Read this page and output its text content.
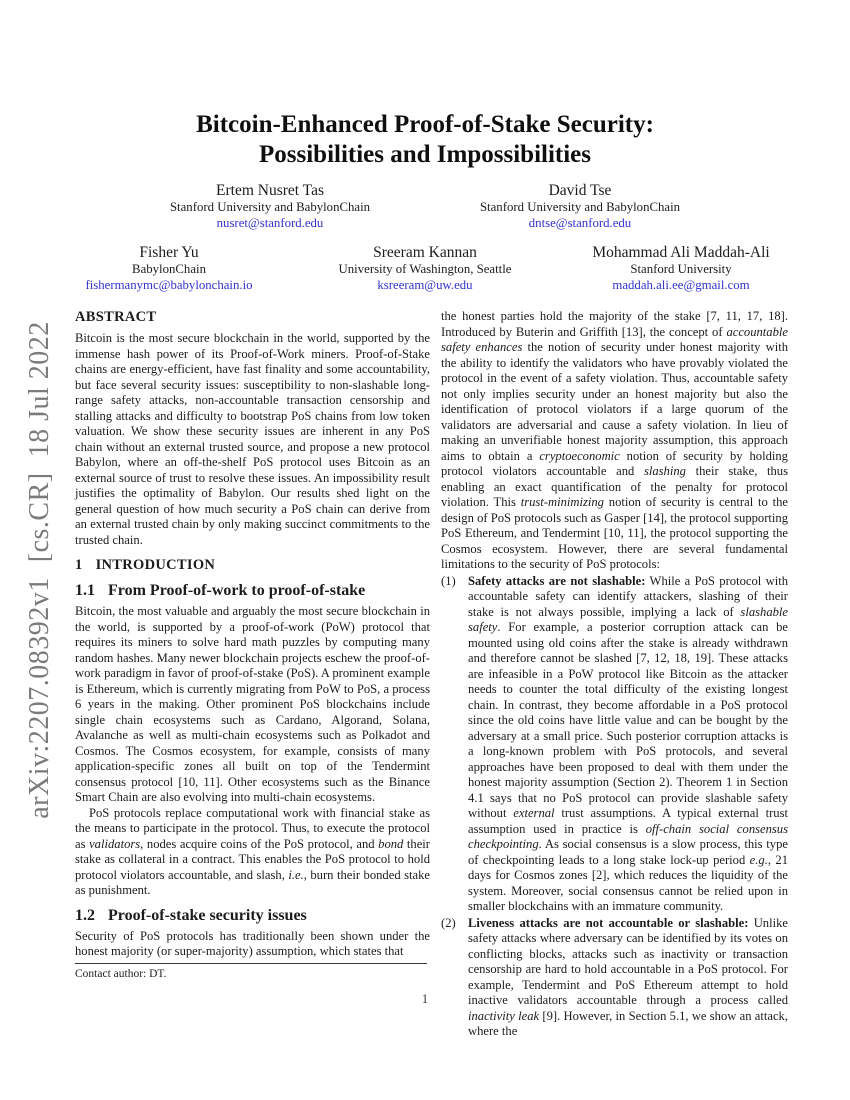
arXiv:2207.08392v1  [cs.CR]  18 Jul 2022
Bitcoin-Enhanced Proof-of-Stake Security:
Possibilities and Impossibilities
Ertem Nusret Tas
Stanford University and BabylonChain
nusret@stanford.edu
David Tse
Stanford University and BabylonChain
dntse@stanford.edu
Fisher Yu
BabylonChain
fishermanymc@babylonchain.io
Sreeram Kannan
University of Washington, Seattle
ksreeram@uw.edu
Mohammad Ali Maddah-Ali
Stanford University
maddah.ali.ee@gmail.com
ABSTRACT
Bitcoin is the most secure blockchain in the world, supported by the immense hash power of its Proof-of-Work miners. Proof-of-Stake chains are energy-efficient, have fast finality and some accountability, but face several security issues: susceptibility to non-slashable long-range safety attacks, non-accountable transaction censorship and stalling attacks and difficulty to bootstrap PoS chains from low token valuation. We show these security issues are inherent in any PoS chain without an external trusted source, and propose a new protocol Babylon, where an off-the-shelf PoS protocol uses Bitcoin as an external source of trust to resolve these issues. An impossibility result justifies the optimality of Babylon. Our results shed light on the general question of how much security a PoS chain can derive from an external trusted chain by only making succinct commitments to the trusted chain.
1 INTRODUCTION
1.1 From Proof-of-work to proof-of-stake
Bitcoin, the most valuable and arguably the most secure blockchain in the world, is supported by a proof-of-work (PoW) protocol that requires its miners to solve hard math puzzles by computing many random hashes. Many newer blockchain projects eschew the proof-of-work paradigm in favor of proof-of-stake (PoS). A prominent example is Ethereum, which is currently migrating from PoW to PoS, a process 6 years in the making. Other prominent PoS blockchains include single chain ecosystems such as Cardano, Algorand, Solana, Avalanche as well as multi-chain ecosystems such as Polkadot and Cosmos. The Cosmos ecosystem, for example, consists of many application-specific zones all built on top of the Tendermint consensus protocol [10, 11]. Other ecosystems such as the Binance Smart Chain are also evolving into multi-chain ecosystems.
PoS protocols replace computational work with financial stake as the means to participate in the protocol. Thus, to execute the protocol as validators, nodes acquire coins of the PoS protocol, and bond their stake as collateral in a contract. This enables the PoS protocol to hold protocol violators accountable, and slash, i.e., burn their bonded stake as punishment.
1.2 Proof-of-stake security issues
Security of PoS protocols has traditionally been shown under the honest majority (or super-majority) assumption, which states that
the honest parties hold the majority of the stake [7, 11, 17, 18]. Introduced by Buterin and Griffith [13], the concept of accountable safety enhances the notion of security under honest majority with the ability to identify the validators who have provably violated the protocol in the event of a safety violation. Thus, accountable safety not only implies security under an honest majority but also the identification of protocol violators if a large quorum of the validators are adversarial and cause a safety violation. In lieu of making an unverifiable honest majority assumption, this approach aims to obtain a cryptoeconomic notion of security by holding protocol violators accountable and slashing their stake, thus enabling an exact quantification of the penalty for protocol violation. This trust-minimizing notion of security is central to the design of PoS protocols such as Gasper [14], the protocol supporting PoS Ethereum, and Tendermint [10, 11], the protocol supporting the Cosmos ecosystem. However, there are several fundamental limitations to the security of PoS protocols:
(1) Safety attacks are not slashable: While a PoS protocol with accountable safety can identify attackers, slashing of their stake is not always possible, implying a lack of slashable safety. For example, a posterior corruption attack can be mounted using old coins after the stake is already withdrawn and therefore cannot be slashed [7, 12, 18, 19]. These attacks are infeasible in a PoW protocol like Bitcoin as the attacker needs to counter the total difficulty of the existing longest chain. In contrast, they become affordable in a PoS protocol since the old coins have little value and can be bought by the adversary at a small price. Such posterior corruption attacks is a long-known problem with PoS protocols, and several approaches have been proposed to deal with them under the honest majority assumption (Section 2). Theorem 1 in Section 4.1 says that no PoS protocol can provide slashable safety without external trust assumptions. A typical external trust assumption used in practice is off-chain social consensus checkpointing. As social consensus is a slow process, this type of checkpointing leads to a long stake lock-up period e.g., 21 days for Cosmos zones [2], which reduces the liquidity of the system. Moreover, social consensus cannot be relied upon in smaller blockchains with an immature community.
(2) Liveness attacks are not accountable or slashable: Unlike safety attacks where adversary can be identified by its votes on conflicting blocks, attacks such as inactivity or transaction censorship are hard to hold accountable in a PoS protocol. For example, Tendermint and PoS Ethereum attempt to hold inactive validators accountable through a process called inactivity leak [9]. However, in Section 5.1, we show an attack, where the
Contact author: DT.
1
